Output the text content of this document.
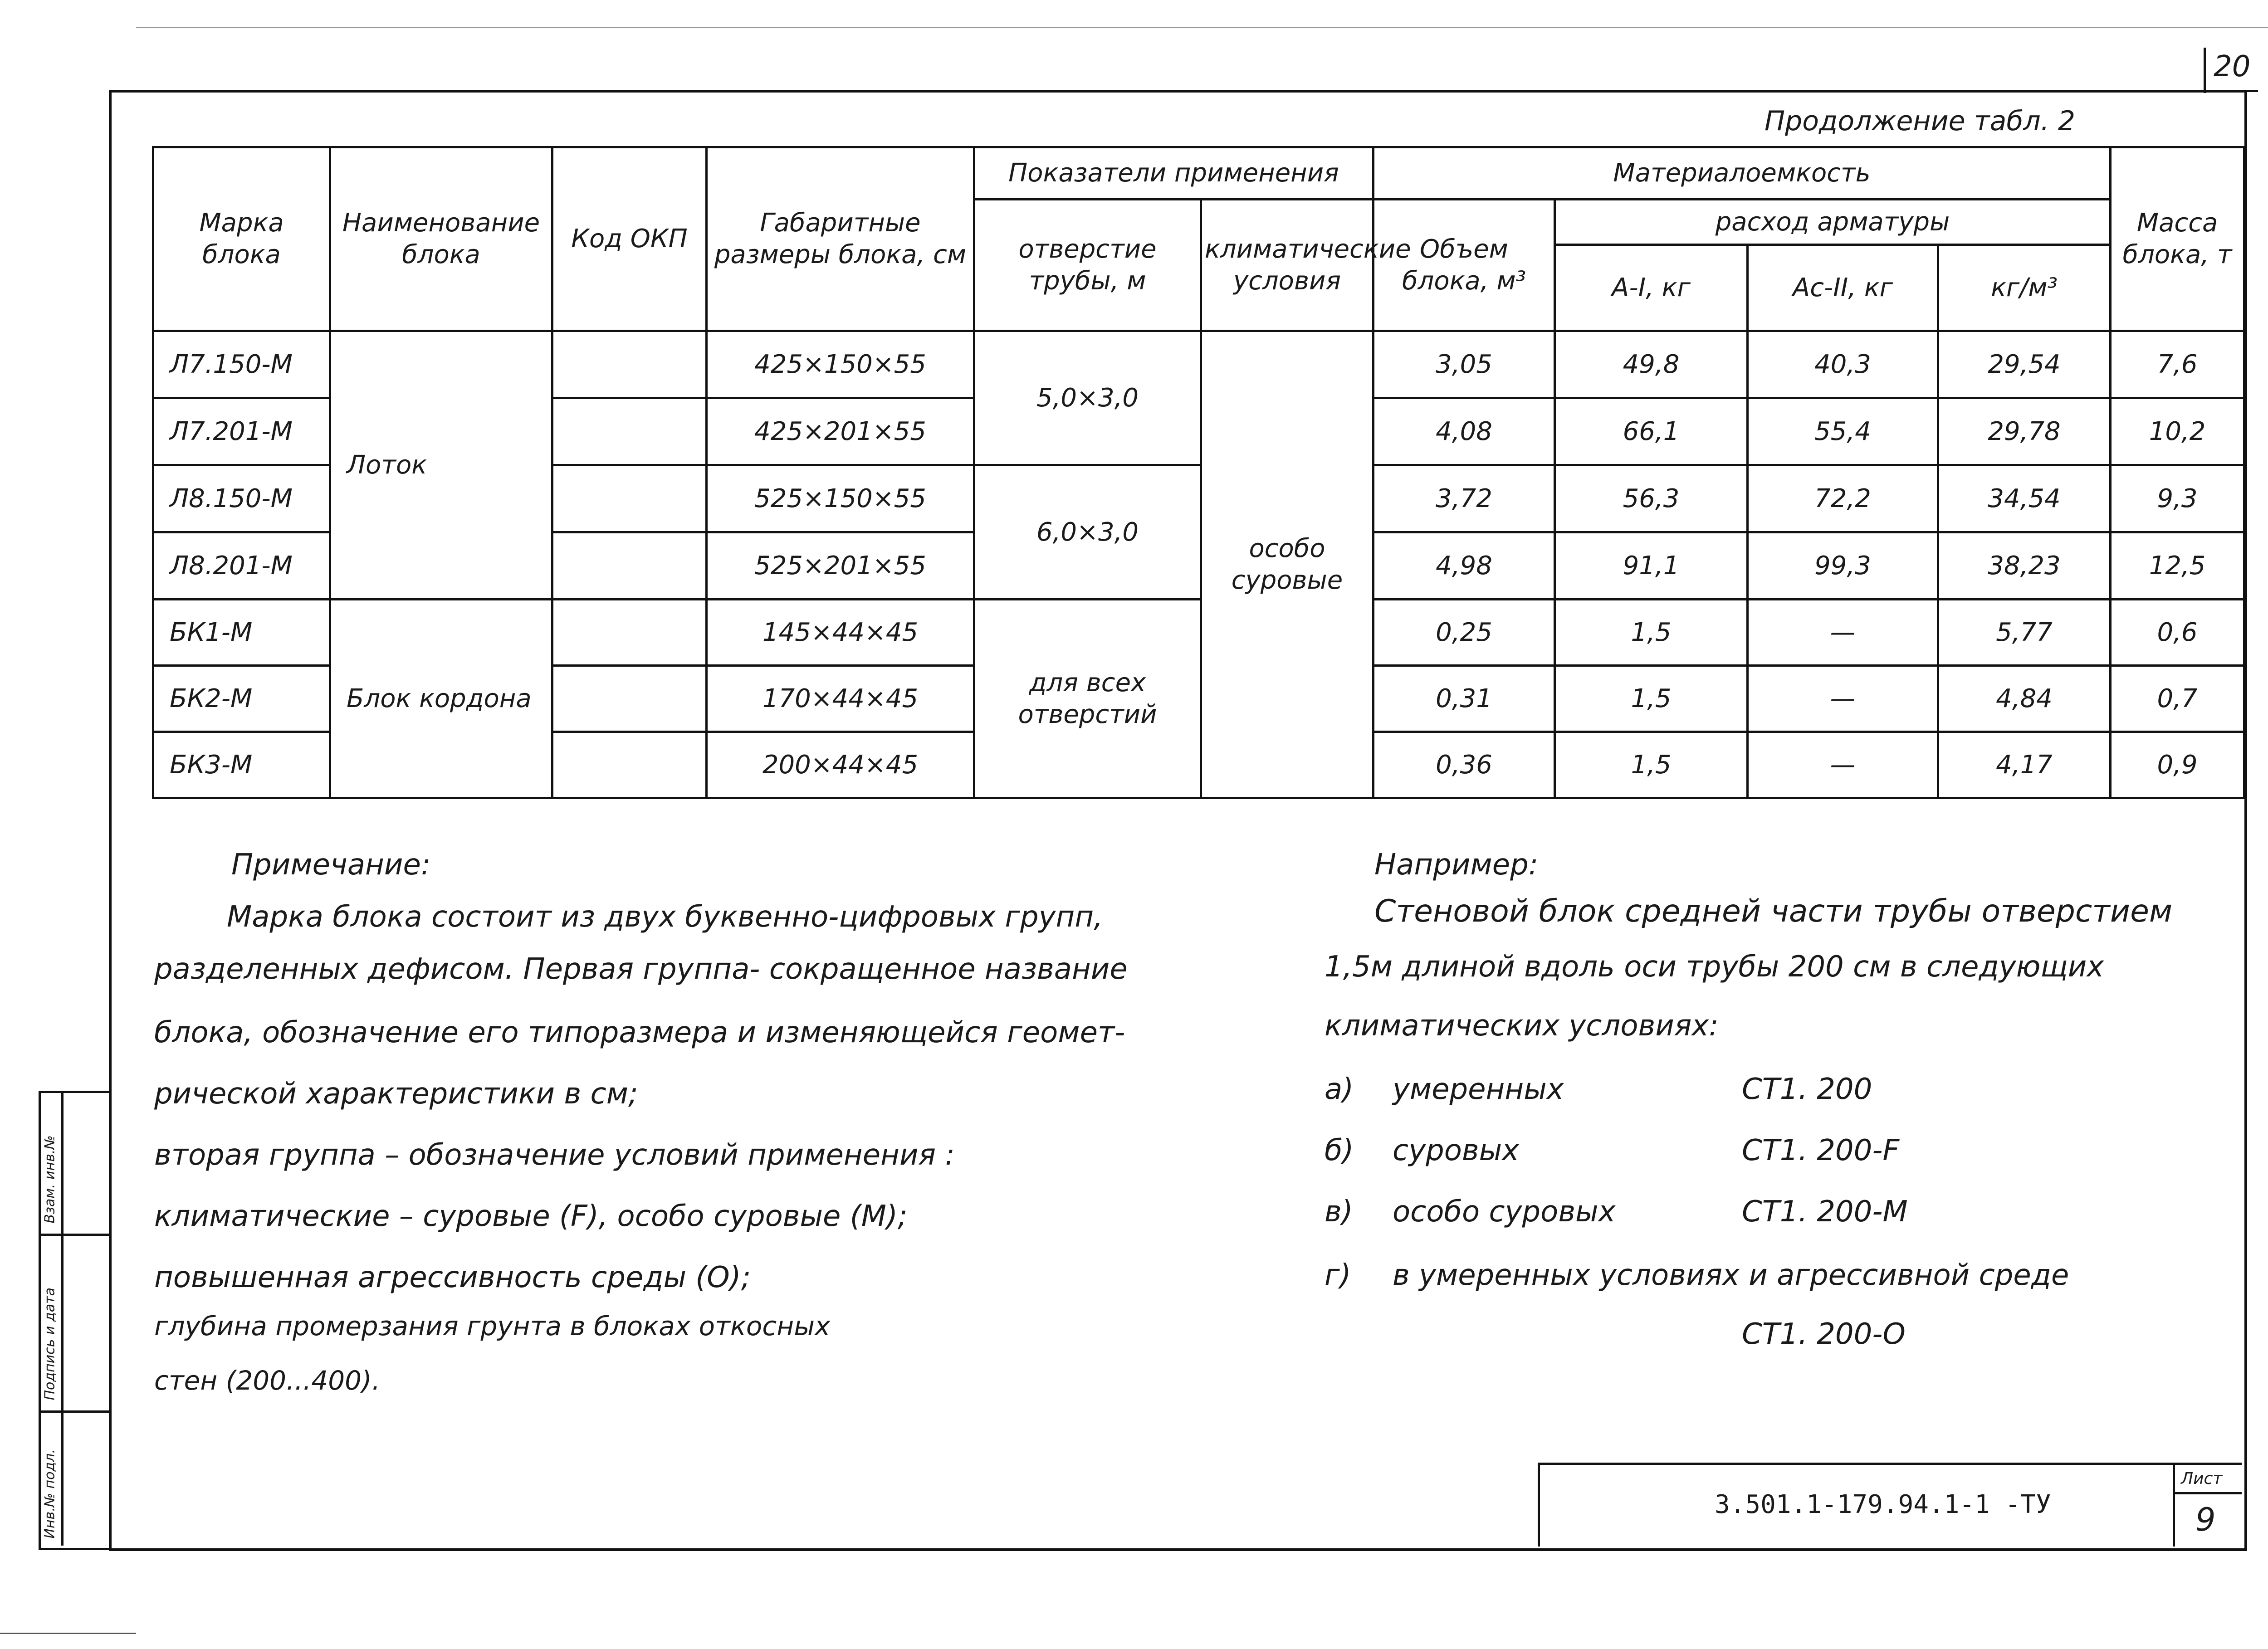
20
Продолжение табл. 2
Марка блока	Наименование блока	Код ОКП	Габаритные размеры блока, см	Показатели применения		Материалоемкость				Масса блока, т
				отверстие трубы, м	климатические условия	Объем блока, м³	расход арматуры			
							А-I, кг	Ас-II, кг	кг/м³	
Л7.150-М	Лоток		425×150×55	5,0×3,0	особо суровые	3,05	49,8	40,3	29,54	7,6
Л7.201-М			425×201×55			4,08	66,1	55,4	29,78	10,2
Л8.150-М			525×150×55	6,0×3,0		3,72	56,3	72,2	34,54	9,3
Л8.201-М			525×201×55			4,98	91,1	99,3	38,23	12,5
БК1-М	Блок кордона		145×44×45	для всех отверстий		0,25	1,5	—	5,77	0,6
БК2-М			170×44×45			0,31	1,5	—	4,84	0,7
БК3-М			200×44×45			0,36	1,5	—	4,17	0,9
Примечание:
Марка блока состоит из двух буквенно-цифровых групп,
разделенных дефисом. Первая группа- сокращенное название
блока, обозначение его типоразмера и изменяющейся геомет-
рической характеристики в см;
вторая группа – обозначение условий применения :
климатические – суровые (F), особо суровые (М);
повышенная агрессивность среды (О);
глубина промерзания грунта в блоках откосных
стен (200...400).
Например:
Стеновой блок средней части трубы отверстием
1,5м длиной вдоль оси трубы 200 см в следующих
климатических условиях:
а) умеренных	СТ1. 200
б) суровых	СТ1. 200-F
в) особо суровых	СТ1. 200-М
г) в умеренных условиях и агрессивной среде
СТ1. 200-О
3.501.1-179.94.1-1 -ТУ
Лист
9
Взам. инв.№
Подпись и дата
Инв.№ подл.
